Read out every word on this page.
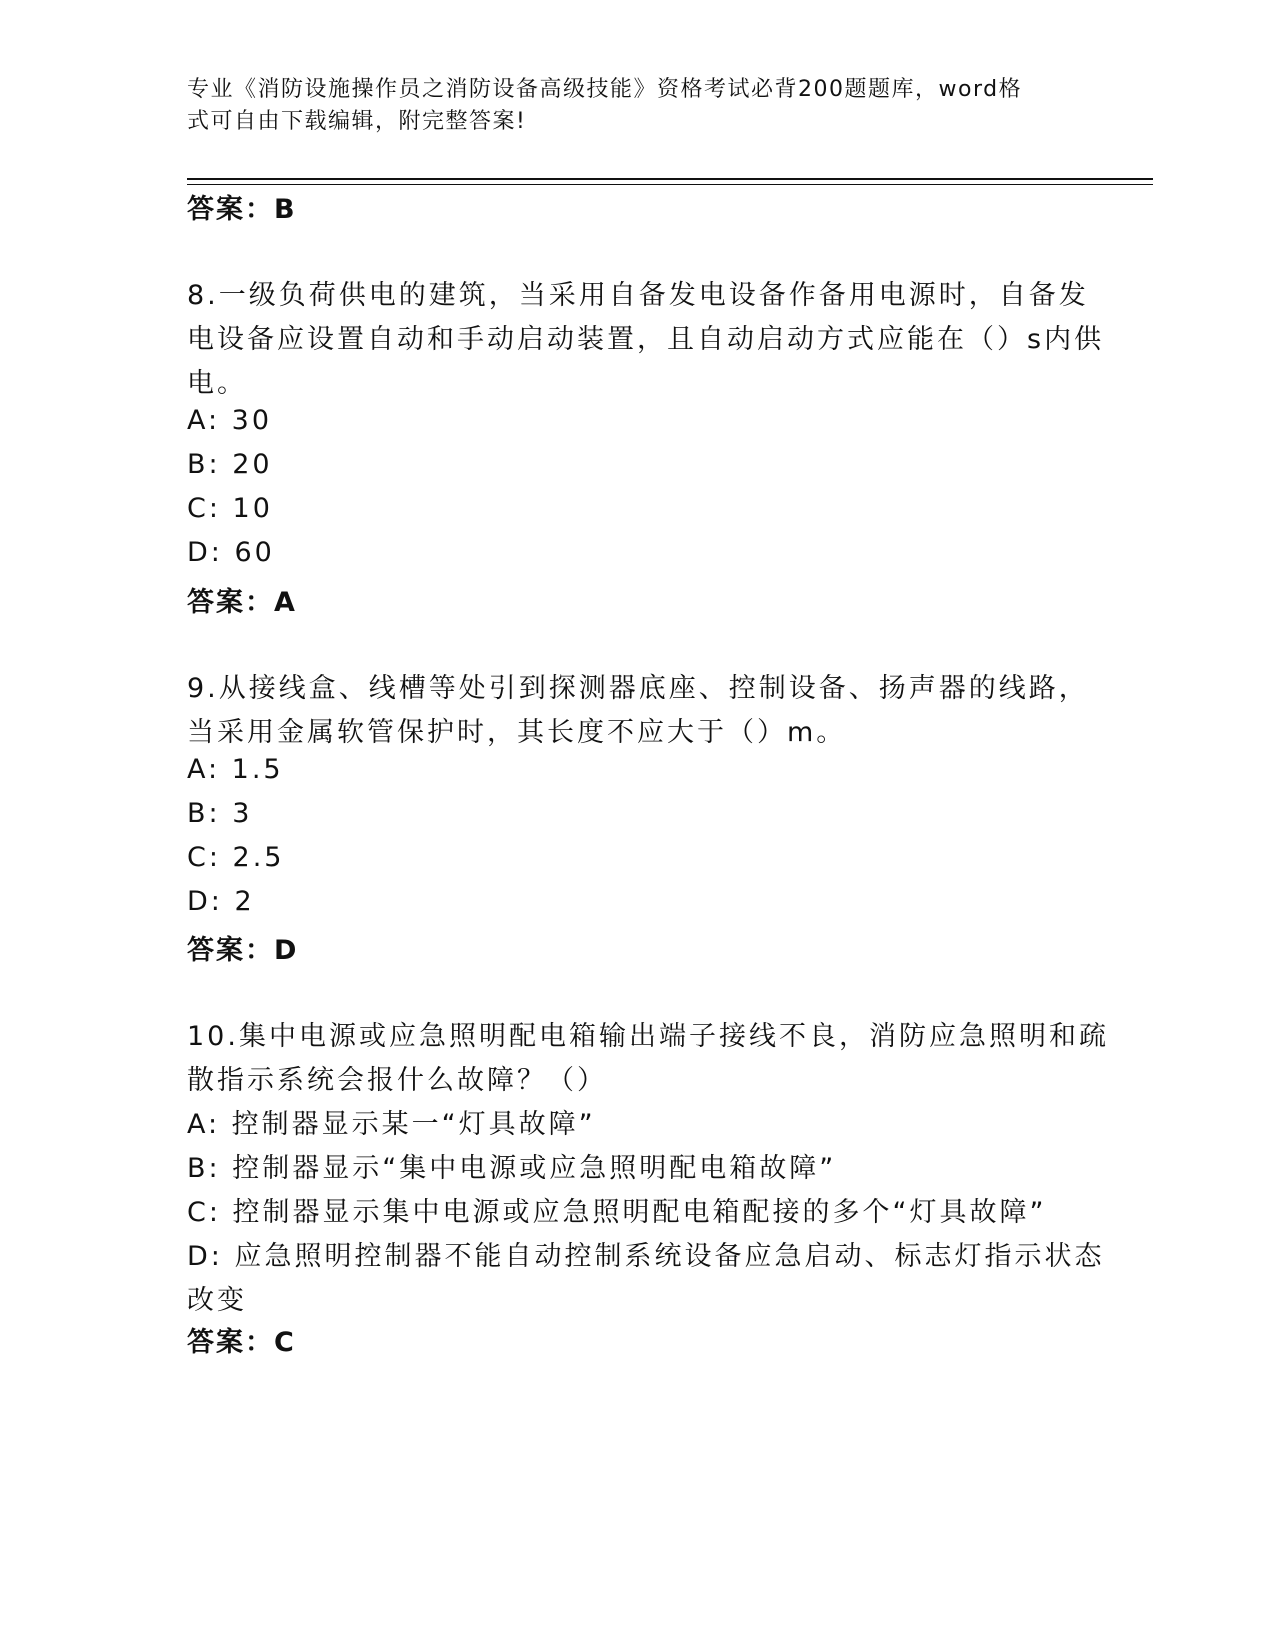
专业《消防设施操作员之消防设备高级技能》资格考试必背200题题库，word格
式可自由下载编辑，附完整答案!
答案：B
8.一级负荷供电的建筑，当采用自备发电设备作备用电源时，自备发
电设备应设置自动和手动启动装置，且自动启动方式应能在（）s内供
电。
A: 30
B: 20
C: 10
D: 60
答案：A
9.从接线盒、线槽等处引到探测器底座、控制设备、扬声器的线路，
当采用金属软管保护时，其长度不应大于（）m。
A: 1.5
B: 3
C: 2.5
D: 2
答案：D
10.集中电源或应急照明配电箱输出端子接线不良，消防应急照明和疏
散指示系统会报什么故障？（）
A: 控制器显示某一“灯具故障”
B: 控制器显示“集中电源或应急照明配电箱故障”
C: 控制器显示集中电源或应急照明配电箱配接的多个“灯具故障”
D: 应急照明控制器不能自动控制系统设备应急启动、标志灯指示状态
改变
答案：C
